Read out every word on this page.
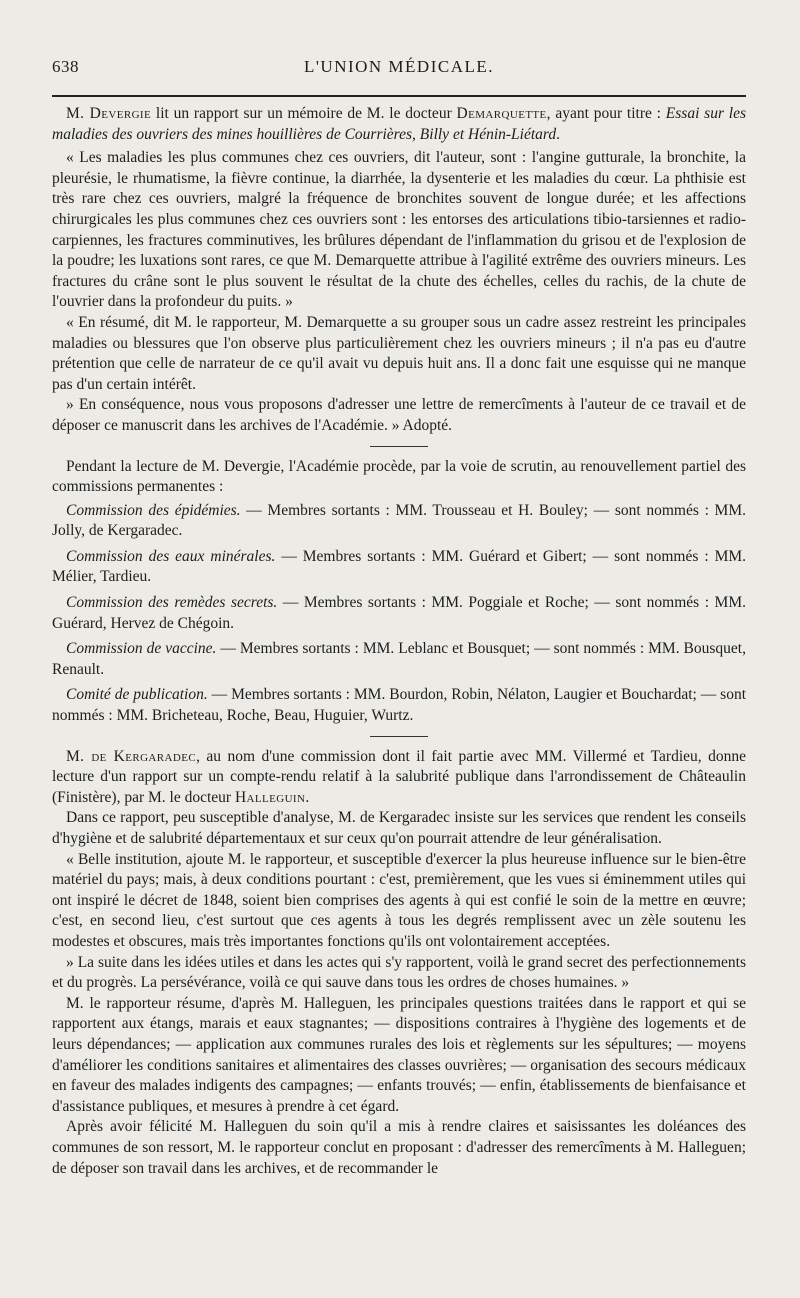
638	L'UNION MÉDICALE.

M. Devergie lit un rapport sur un mémoire de M. le docteur Demarquette, ayant pour titre : Essai sur les maladies des ouvriers des mines houillières de Courrières, Billy et Hénin-Liétard.

« Les maladies les plus communes chez ces ouvriers, dit l'auteur, sont : l'angine gutturale, la bronchite, la pleurésie, le rhumatisme, la fièvre continue, la diarrhée, la dysenterie et les maladies du cœur. La phthisie est très rare chez ces ouvriers, malgré la fréquence de bronchites souvent de longue durée; et les affections chirurgicales les plus communes chez ces ouvriers sont : les entorses des articulations tibio-tarsiennes et radio-carpiennes, les fractures comminutives, les brûlures dépendant de l'inflammation du grisou et de l'explosion de la poudre; les luxations sont rares, ce que M. Demarquette attribue à l'agilité extrême des ouvriers mineurs. Les fractures du crâne sont le plus souvent le résultat de la chute des échelles, celles du rachis, de la chute de l'ouvrier dans la profondeur du puits. »

« En résumé, dit M. le rapporteur, M. Demarquette a su grouper sous un cadre assez restreint les principales maladies ou blessures que l'on observe plus particulièrement chez les ouvriers mineurs ; il n'a pas eu d'autre prétention que celle de narrateur de ce qu'il avait vu depuis huit ans. Il a donc fait une esquisse qui ne manque pas d'un certain intérêt.

» En conséquence, nous vous proposons d'adresser une lettre de remercîments à l'auteur de ce travail et de déposer ce manuscrit dans les archives de l'Académie. » Adopté.

Pendant la lecture de M. Devergie, l'Académie procède, par la voie de scrutin, au renouvellement partiel des commissions permanentes :

Commission des épidémies. — Membres sortants : MM. Trousseau et H. Bouley; — sont nommés : MM. Jolly, de Kergaradec.

Commission des eaux minérales. — Membres sortants : MM. Guérard et Gibert; — sont nommés : MM. Mélier, Tardieu.

Commission des remèdes secrets. — Membres sortants : MM. Poggiale et Roche; — sont nommés : MM. Guérard, Hervez de Chégoin.

Commission de vaccine. — Membres sortants : MM. Leblanc et Bousquet; — sont nommés : MM. Bousquet, Renault.

Comité de publication. — Membres sortants : MM. Bourdon, Robin, Nélaton, Laugier et Bouchardat; — sont nommés : MM. Bricheteau, Roche, Beau, Huguier, Wurtz.

M. de Kergaradec, au nom d'une commission dont il fait partie avec MM. Villermé et Tardieu, donne lecture d'un rapport sur un compte-rendu relatif à la salubrité publique dans l'arrondissement de Châteaulin (Finistère), par M. le docteur Halleguin.

Dans ce rapport, peu susceptible d'analyse, M. de Kergaradec insiste sur les services que rendent les conseils d'hygiène et de salubrité départementaux et sur ceux qu'on pourrait attendre de leur généralisation.

« Belle institution, ajoute M. le rapporteur, et susceptible d'exercer la plus heureuse influence sur le bien-être matériel du pays; mais, à deux conditions pourtant : c'est, premièrement, que les vues si éminemment utiles qui ont inspiré le décret de 1848, soient bien comprises des agents à qui est confié le soin de la mettre en œuvre; c'est, en second lieu, c'est surtout que ces agents à tous les degrés remplissent avec un zèle soutenu les modestes et obscures, mais très importantes fonctions qu'ils ont volontairement acceptées.

» La suite dans les idées utiles et dans les actes qui s'y rapportent, voilà le grand secret des perfectionnements et du progrès. La persévérance, voilà ce qui sauve dans tous les ordres de choses humaines. »

M. le rapporteur résume, d'après M. Halleguen, les principales questions traitées dans le rapport et qui se rapportent aux étangs, marais et eaux stagnantes; — dispositions contraires à l'hygiène des logements et de leurs dépendances; — application aux communes rurales des lois et règlements sur les sépultures; — moyens d'améliorer les conditions sanitaires et alimentaires des classes ouvrières; — organisation des secours médicaux en faveur des malades indigents des campagnes; — enfants trouvés; — enfin, établissements de bienfaisance et d'assistance publiques, et mesures à prendre à cet égard.

Après avoir félicité M. Halleguen du soin qu'il a mis à rendre claires et saisissantes les doléances des communes de son ressort, M. le rapporteur conclut en proposant : d'adresser des remercîments à M. Halleguen; de déposer son travail dans les archives, et de recommander le
